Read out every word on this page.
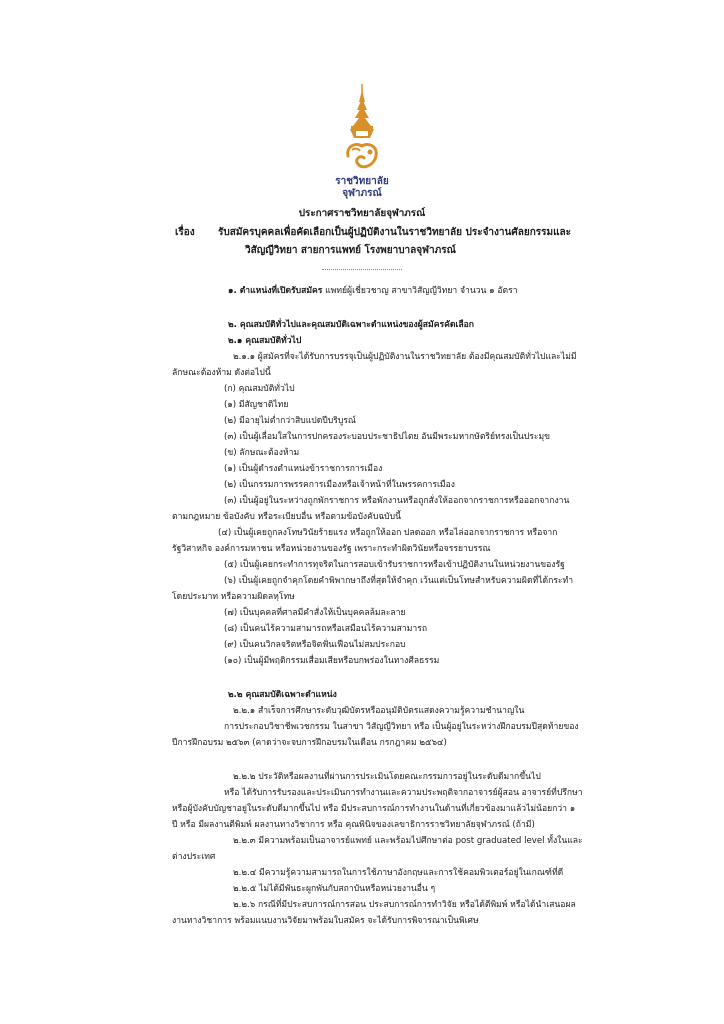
ราชวิทยาลัย
จุฬาภรณ์
ประกาศราชวิทยาลัยจุฬาภรณ์
เรื่อง รับสมัครบุคคลเพื่อคัดเลือกเป็นผู้ปฏิบัติงานในราชวิทยาลัย ประจำงานศัลยกรรมและ
วิสัญญีวิทยา สายการแพทย์ โรงพยาบาลจุฬาภรณ์
๑. ตำแหน่งที่เปิดรับสมัคร แพทย์ผู้เชี่ยวชาญ สาขาวิสัญญีวิทยา จำนวน ๑ อัตรา
๒. คุณสมบัติทั่วไปและคุณสมบัติเฉพาะตำแหน่งของผู้สมัครคัดเลือก
๒.๑ คุณสมบัติทั่วไป
๒.๑.๑ ผู้สมัครที่จะได้รับการบรรจุเป็นผู้ปฏิบัติงานในราชวิทยาลัย ต้องมีคุณสมบัติทั่วไปและไม่มี
ลักษณะต้องห้าม ดังต่อไปนี้
(ก) คุณสมบัติทั่วไป
(๑) มีสัญชาติไทย
(๒) มีอายุไม่ต่ำกว่าสิบแปดปีบริบูรณ์
(๓) เป็นผู้เลื่อมใสในการปกครองระบอบประชาธิปไตย อันมีพระมหากษัตริย์ทรงเป็นประมุข
(ข) ลักษณะต้องห้าม
(๑) เป็นผู้ดำรงตำแหน่งข้าราชการการเมือง
(๒) เป็นกรรมการพรรคการเมืองหรือเจ้าหน้าที่ในพรรคการเมือง
(๓) เป็นผู้อยู่ในระหว่างถูกพักราชการ หรือพักงานหรือถูกสั่งให้ออกจากราชการหรือออกจากงาน
ตามกฎหมาย ข้อบังคับ หรือระเบียบอื่น หรือตามข้อบังคับฉบับนี้
(๔) เป็นผู้เคยถูกลงโทษวินัยร้ายแรง หรือถูกให้ออก ปลดออก หรือไล่ออกจากราชการ หรือจาก
รัฐวิสาหกิจ องค์การมหาชน หรือหน่วยงานของรัฐ เพราะกระทำผิดวินัยหรือจรรยาบรรณ
(๕) เป็นผู้เคยกระทำการทุจริตในการสอบเข้ารับราชการหรือเข้าปฏิบัติงานในหน่วยงานของรัฐ
(๖) เป็นผู้เคยถูกจำคุกโดยคำพิพากษาถึงที่สุดให้จำคุก เว้นแต่เป็นโทษสำหรับความผิดที่ได้กระทำ
โดยประมาท หรือความผิดลหุโทษ
(๗) เป็นบุคคลที่ศาลมีคำสั่งให้เป็นบุคคลล้มละลาย
(๘) เป็นคนไร้ความสามารถหรือเสมือนไร้ความสามารถ
(๙) เป็นคนวิกลจริตหรือจิตฟั่นเฟือนไม่สมประกอบ
(๑๐) เป็นผู้มีพฤติกรรมเสื่อมเสียหรือบกพร่องในทางศีลธรรม
๒.๒ คุณสมบัติเฉพาะตำแหน่ง
๒.๒.๑ สำเร็จการศึกษาระดับวุฒิบัตรหรืออนุมัติบัตรแสดงความรู้ความชำนาญใน
การประกอบวิชาชีพเวชกรรม ในสาขา วิสัญญีวิทยา หรือ เป็นผู้อยู่ในระหว่างฝึกอบรมปีสุดท้ายของ
ปีการฝึกอบรม ๒๕๖๓ (คาดว่าจะจบการฝึกอบรมในเดือน กรกฎาคม ๒๕๖๔)
๒.๒.๒ ประวัติหรือผลงานที่ผ่านการประเมินโดยคณะกรรมการอยู่ในระดับดีมากขึ้นไป
หรือ ได้รับการรับรองและประเมินการทำงานและความประพฤติจากอาจารย์ผู้สอน อาจารย์ที่ปรึกษา
หรือผู้บังคับบัญชาอยู่ในระดับดีมากขึ้นไป หรือ มีประสบการณ์การทำงานในด้านที่เกี่ยวข้องมาแล้วไม่น้อยกว่า ๑
ปี หรือ มีผลงานตีพิมพ์ ผลงานทางวิชาการ หรือ คุณพินิจของเลขาธิการราชวิทยาลัยจุฬาภรณ์ (ถ้ามี)
๒.๒.๓ มีความพร้อมเป็นอาจารย์แพทย์ และพร้อมไปศึกษาต่อ post graduated level ทั้งในและ
ต่างประเทศ
๒.๒.๔ มีความรู้ความสามารถในการใช้ภาษาอังกฤษและการใช้คอมพิวเตอร์อยู่ในเกณฑ์ที่ดี
๒.๒.๕ ไม่ได้มีพันธะผูกพันกับสถาบันหรือหน่วยงานอื่น ๆ
๒.๒.๖ กรณีที่มีประสบการณ์การสอน ประสบการณ์การทำวิจัย หรือได้ตีพิมพ์ หรือได้นำเสนอผล
งานทางวิชาการ พร้อมแนบงานวิจัยมาพร้อมใบสมัคร จะได้รับการพิจารณาเป็นพิเศษ
